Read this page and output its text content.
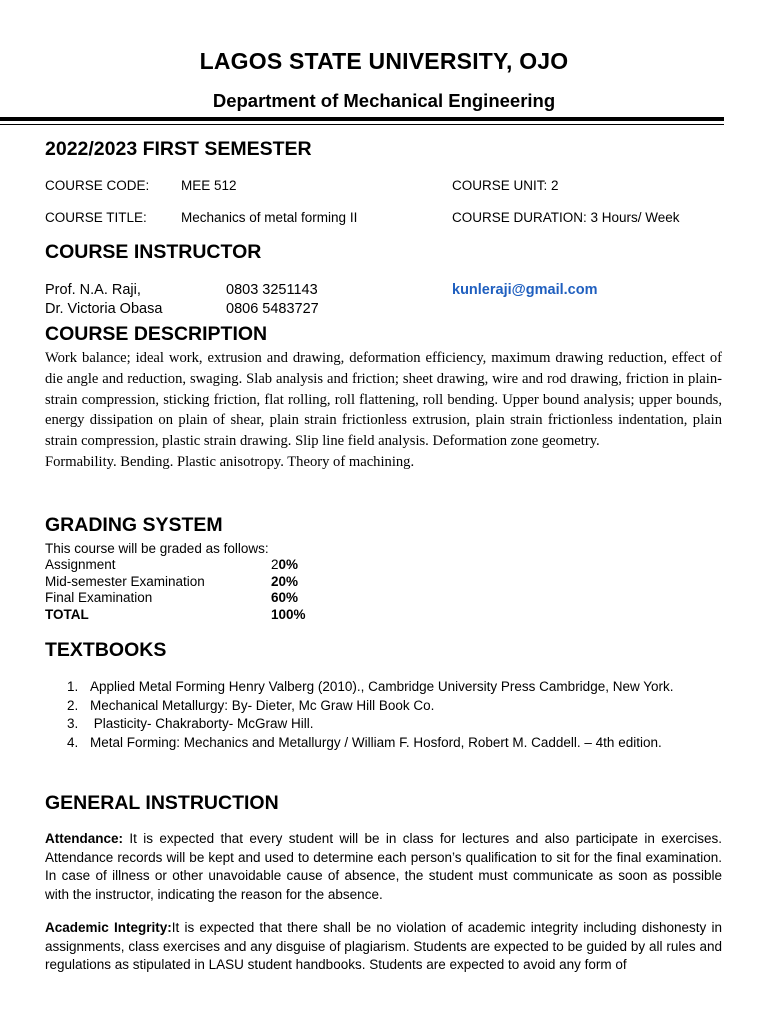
LAGOS STATE UNIVERSITY, OJO
Department of Mechanical Engineering
2022/2023 FIRST SEMESTER
COURSE CODE: MEE 512	COURSE UNIT: 2
COURSE TITLE:	Mechanics of metal forming II	COURSE DURATION: 3 Hours/ Week
COURSE INSTRUCTOR
Prof. N.A. Raji,	0803 3251143	kunleraji@gmail.com
Dr. Victoria Obasa	0806 5483727
COURSE DESCRIPTION

Work balance; ideal work, extrusion and drawing, deformation efficiency, maximum drawing reduction, effect of die angle and reduction, swaging. Slab analysis and friction; sheet drawing, wire and rod drawing, friction in plain-strain compression, sticking friction, flat rolling, roll flattening, roll bending. Upper bound analysis; upper bounds, energy dissipation on plain of shear, plain strain frictionless extrusion, plain strain frictionless indentation, plain strain compression, plastic strain drawing. Slip line field analysis. Deformation zone geometry.

Formability. Bending. Plastic anisotropy. Theory of machining.

GRADING SYSTEM
This course will be graded as follows:
Assignment	20%
Mid-semester Examination	20%
Final Examination	60%
TOTAL	100%
TEXTBOOKS
1. Applied Metal Forming Henry Valberg (2010)., Cambridge University Press Cambridge, New York.
2. Mechanical Metallurgy: By- Dieter, Mc Graw Hill Book Co.
3. Plasticity- Chakraborty- McGraw Hill.
4. Metal Forming: Mechanics and Metallurgy / William F. Hosford, Robert M. Caddell. – 4th edition.
GENERAL INSTRUCTION

Attendance: It is expected that every student will be in class for lectures and also participate in exercises. Attendance records will be kept and used to determine each person’s qualification to sit for the final examination. In case of illness or other unavoidable cause of absence, the student must communicate as soon as possible with the instructor, indicating the reason for the absence.

Academic Integrity:It is expected that there shall be no violation of academic integrity including dishonesty in assignments, class exercises and any disguise of plagiarism. Students are expected to be guided by all rules and regulations as stipulated in LASU student handbooks. Students are expected to avoid any form of
